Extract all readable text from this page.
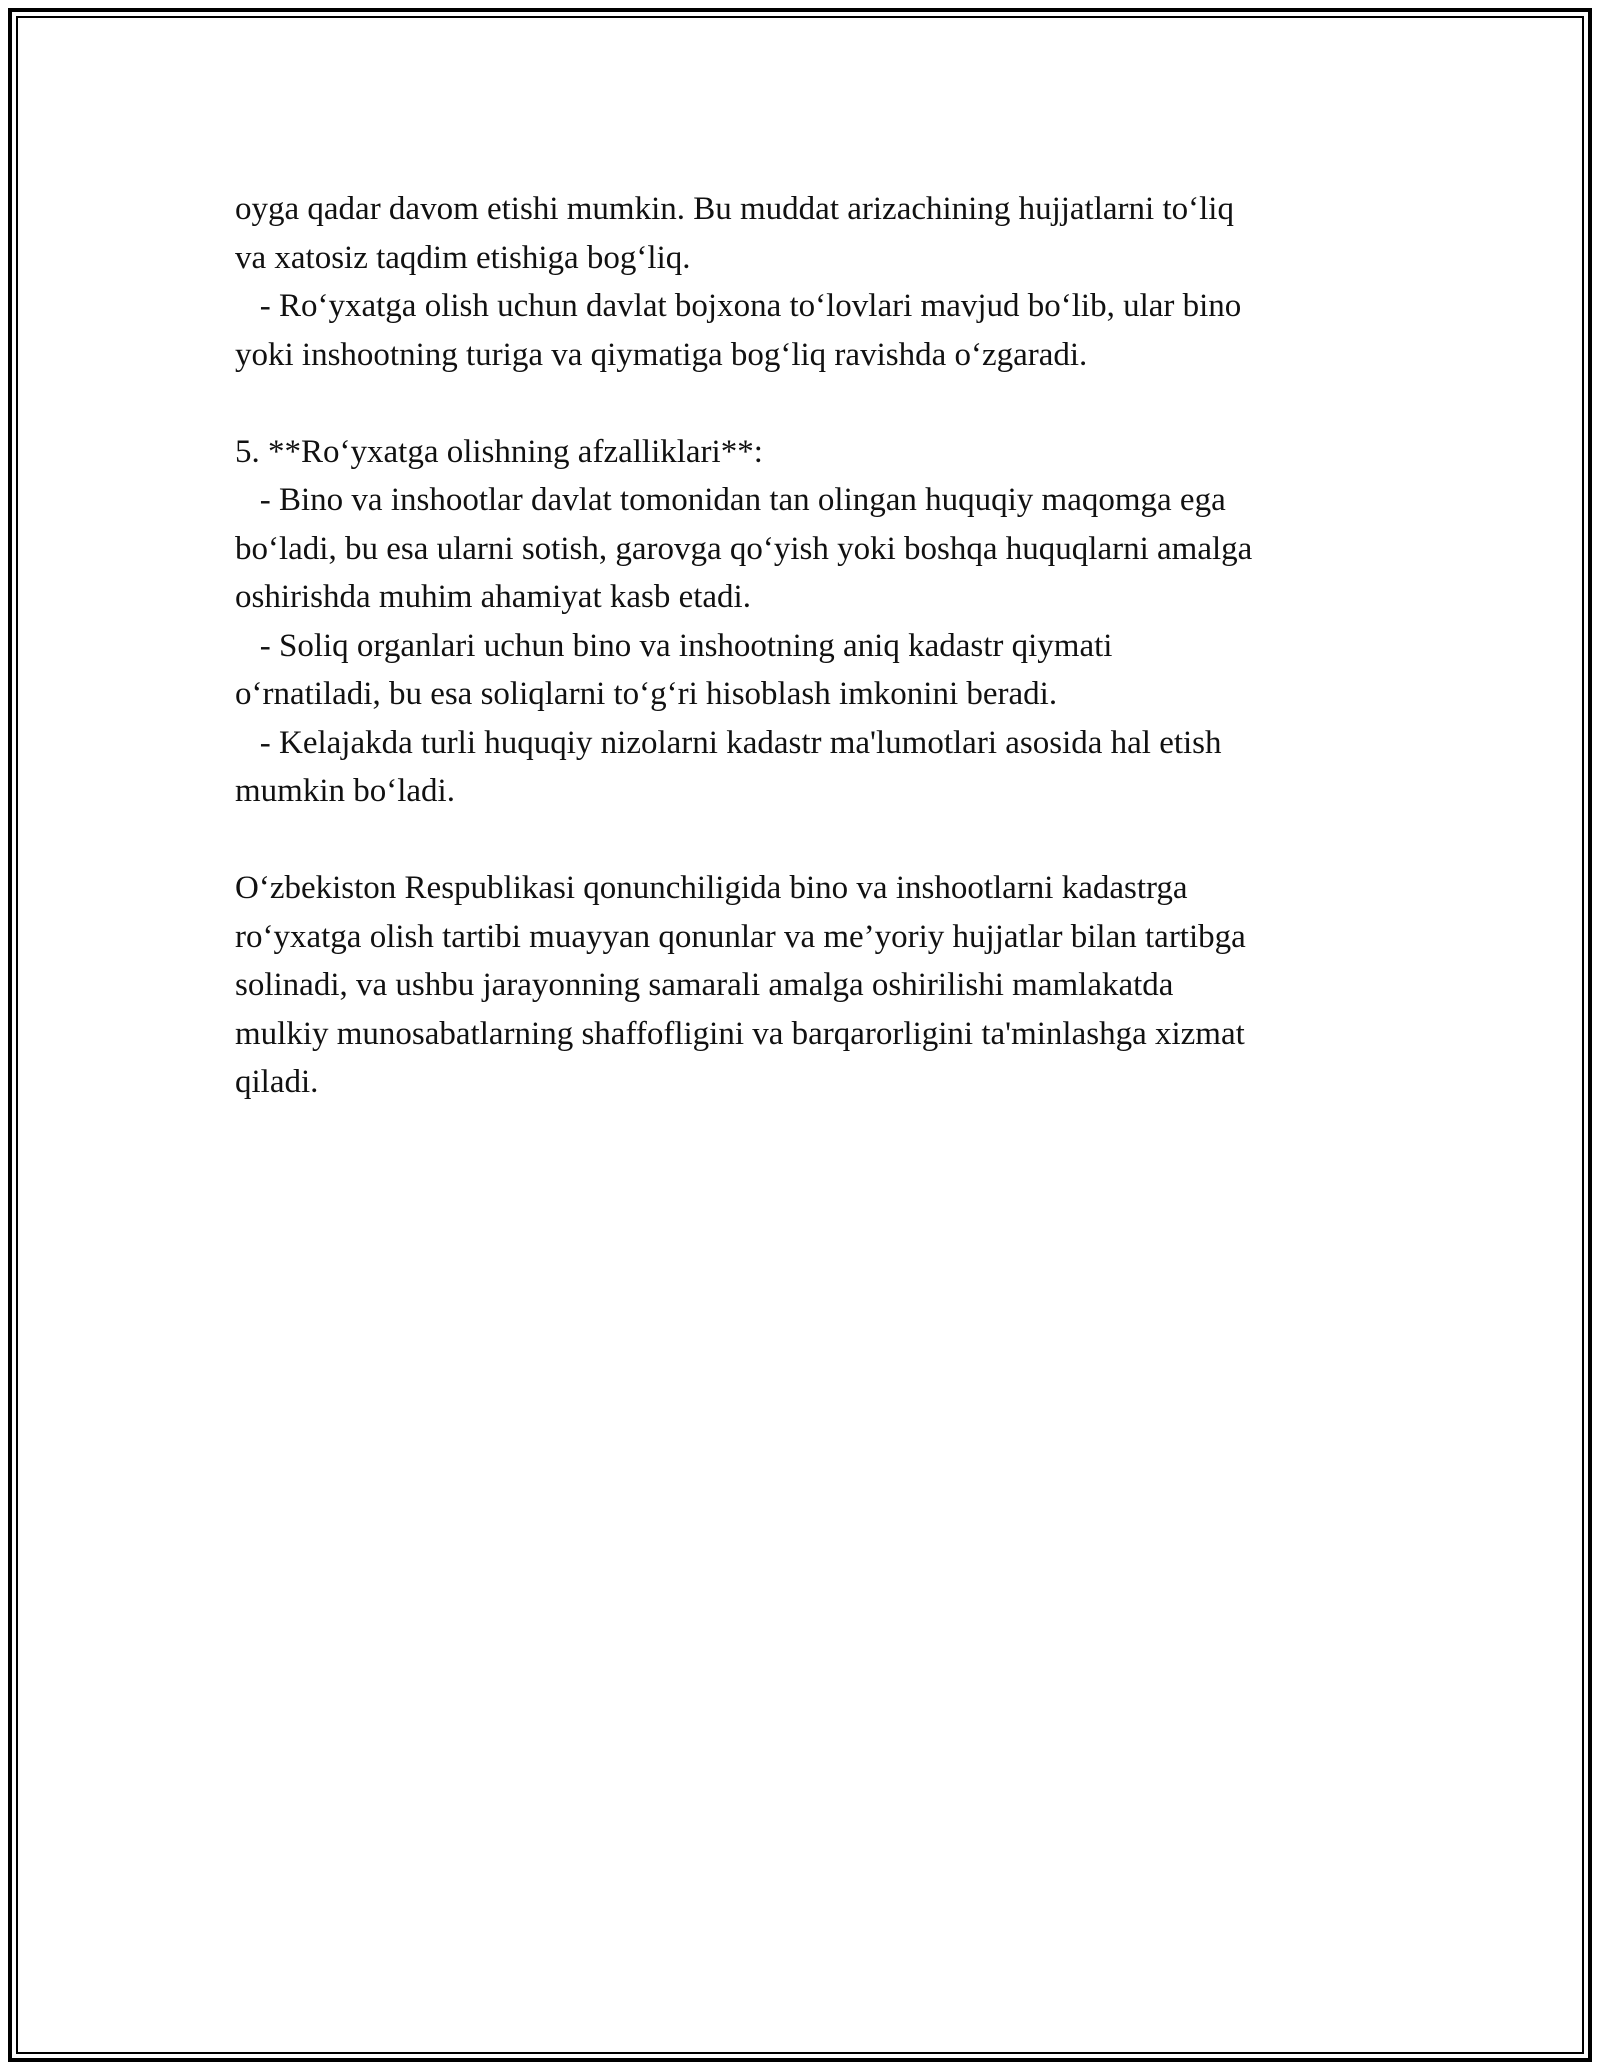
oyga qadar davom etishi mumkin. Bu muddat arizachining hujjatlarni to‘liq
va xatosiz taqdim etishiga bog‘liq.
- Ro‘yxatga olish uchun davlat bojxona to‘lovlari mavjud bo‘lib, ular bino
yoki inshootning turiga va qiymatiga bog‘liq ravishda o‘zgaradi.
5. **Ro‘yxatga olishning afzalliklari**:
- Bino va inshootlar davlat tomonidan tan olingan huquqiy maqomga ega
bo‘ladi, bu esa ularni sotish, garovga qo‘yish yoki boshqa huquqlarni amalga
oshirishda muhim ahamiyat kasb etadi.
- Soliq organlari uchun bino va inshootning aniq kadastr qiymati
o‘rnatiladi, bu esa soliqlarni to‘g‘ri hisoblash imkonini beradi.
- Kelajakda turli huquqiy nizolarni kadastr ma'lumotlari asosida hal etish
mumkin bo‘ladi.
O‘zbekiston Respublikasi qonunchiligida bino va inshootlarni kadastrga
ro‘yxatga olish tartibi muayyan qonunlar va me’yoriy hujjatlar bilan tartibga
solinadi, va ushbu jarayonning samarali amalga oshirilishi mamlakatda
mulkiy munosabatlarning shaffofligini va barqarorligini ta'minlashga xizmat
qiladi.
